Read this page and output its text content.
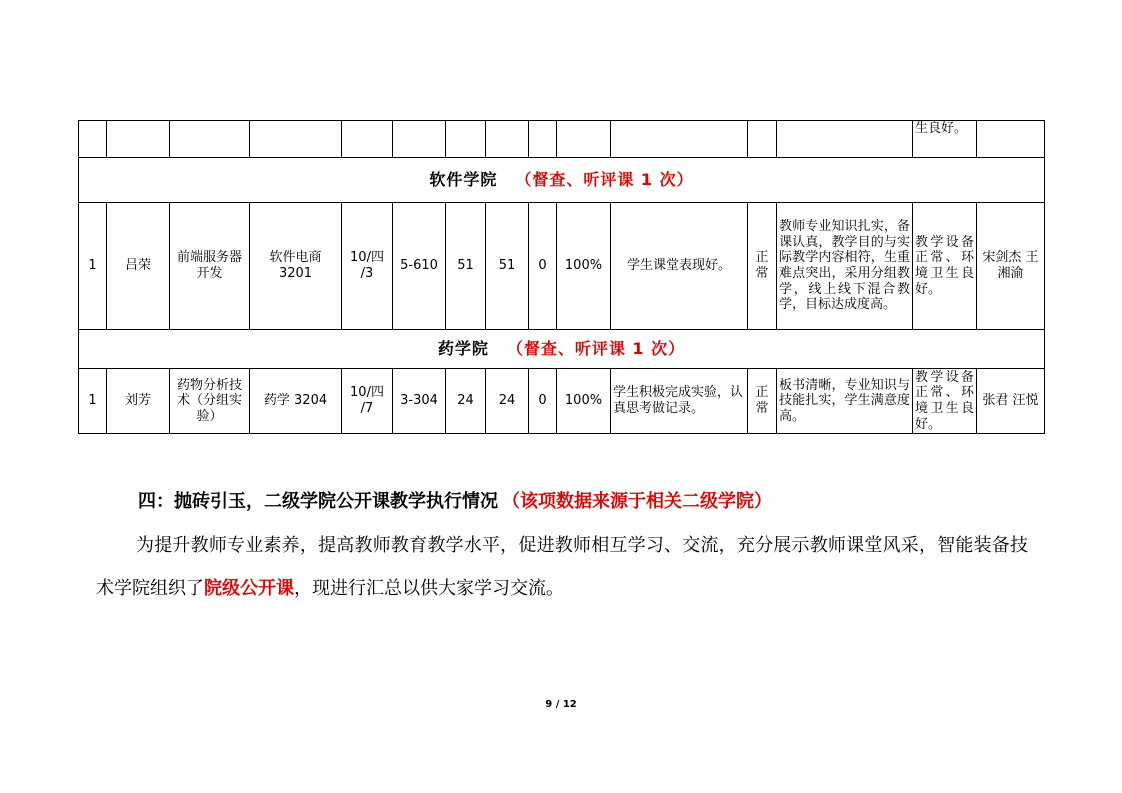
													生良好。	
软件学院 （督查、听评课 1 次）														
1	吕荣	前端服务器开发	软件电商 3201	10/四 /3	5-610	51	51	0	100%	学生课堂表现好。	正常	教师专业知识扎实，备课认真，教学目的与实际教学内容相符，生重难点突出，采用分组教学，线上线下混合教学，目标达成度高。	教学设备正常、环境卫生良好。	宋剑杰 王湘渝
药学院 （督查、听评课 1 次）														
1	刘芳	药物分析技术（分组实验）	药学 3204	10/四 /7	3-304	24	24	0	100%	学生积极完成实验，认真思考做记录。	正常	板书清晰，专业知识与技能扎实，学生满意度高。	教学设备正常、环境卫生良好。	张君 汪悦
四：抛砖引玉，二级学院公开课教学执行情况 （该项数据来源于相关二级学院）

为提升教师专业素养，提高教师教育教学水平，促进教师相互学习、交流，充分展示教师课堂风采，智能装备技术学院组织了院级公开课，现进行汇总以供大家学习交流。

9 / 12
